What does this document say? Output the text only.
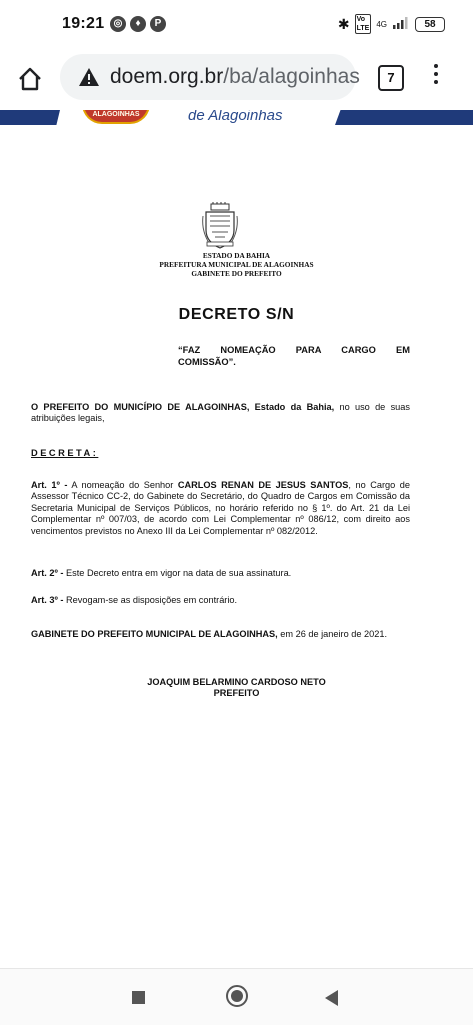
19:21 ◎	♦	P	✱ Vo
LTE 4G	58
doem.org.br/ba/alagoinhas	7
ALAGOINHAS	de Alagoinhas
ESTADO DA BAHIA
PREFEITURA MUNICIPAL DE ALAGOINHAS
GABINETE DO PREFEITO
DECRETO S/N
“FAZ NOMEAÇÃO PARA CARGO EM COMISSÃO”.
O PREFEITO DO MUNICÍPIO DE ALAGOINHAS, Estado da Bahia, no uso de suas atribuições legais,
DECRETA:
Art. 1º - A nomeação do Senhor CARLOS RENAN DE JESUS SANTOS, no Cargo de Assessor Técnico CC-2, do Gabinete do Secretário, do Quadro de Cargos em Comissão da Secretaria Municipal de Serviços Públicos, no horário referido no § 1º. do Art. 21 da Lei Complementar nº 007/03, de acordo com Lei Complementar nº 086/12, com direito aos vencimentos previstos no Anexo III da Lei Complementar nº 082/2012.
Art. 2º - Este Decreto entra em vigor na data de sua assinatura.
Art. 3º - Revogam-se as disposições em contrário.
GABINETE DO PREFEITO MUNICIPAL DE ALAGOINHAS, em 26 de janeiro de 2021.
JOAQUIM BELARMINO CARDOSO NETO
PREFEITO
